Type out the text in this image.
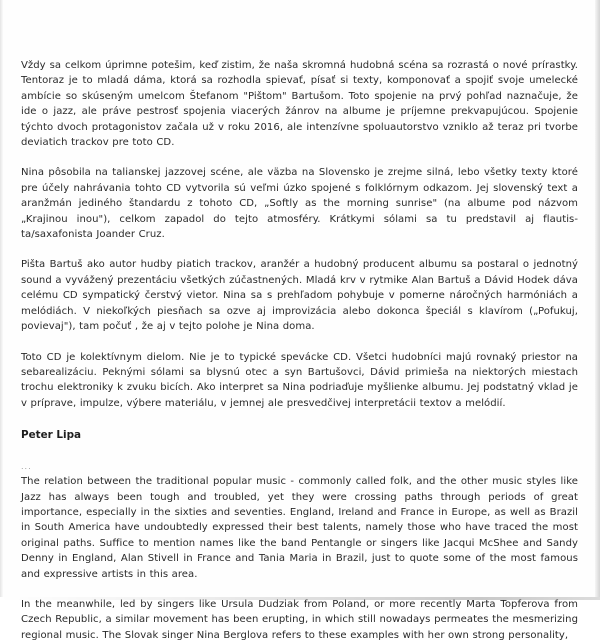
Vždy sa celkom úprimne potešim, keď zistim, že naša skromná hudobná scéna sa rozrastá o nové prírastky. Tentoraz je to mladá dáma, ktorá sa rozhodla spievať, písať si texty, komponovať a spojiť svoje umelecké ambície so skúseným umelcom Štefanom "Pištom" Bartušom. Toto spojenie na prvý pohľad naznačuje, že ide o jazz, ale práve pestrosť spojenia viacerých žánrov na albume je príjemne prekvapujúcou. Spojenie týchto dvoch protagonistov začala už v roku 2016, ale intenzívne spoluautorstvo vzniklo až teraz pri tvorbe deviatich trackov pre toto CD.

Nina pôsobila na talianskej jazzovej scéne, ale väzba na Slovensko je zrejme silná, lebo všetky texty ktoré pre účely nahrávania tohto CD vytvorila sú veľmi úzko spojené s folklórnym odkazom. Jej slovenský text a aranžmán jediného štandardu z tohoto CD, „Softly as the morning sunrise" (na albume pod názvom „Krajinou inou"), celkom zapadol do tejto atmosféry. Krátkymi sólami sa tu predstavil aj flautis-ta/saxafonista Joander Cruz.

Pišta Bartuš ako autor hudby piatich trackov, aranžér a hudobný producent albumu sa postaral o jednotný sound a vyvážený prezentáciu všetkých zúčastnených. Mladá krv v rytmike Alan Bartuš a Dávid Hodek dáva celému CD sympatický čerstvý vietor. Nina sa s prehľadom pohybuje v pomerne náročných harmóniách a melódiách. V niekoľkých piesňach sa ozve aj improvizácia alebo dokonca špeciál s klavírom („Pofukuj, povievaj"), tam počuť , že aj v tejto polohe je Nina doma.

Toto CD je kolektívnym dielom. Nie je to typické spevácke CD. Všetci hudobníci majú rovnaký priestor na sebarealizáciu. Peknými sólami sa blysnú otec a syn Bartušovci, Dávid primieša na niektorých miestach trochu elektroniky k zvuku bicích. Ako interpret sa Nina podriaďuje myšlienke albumu. Jej podstatný vklad je v príprave, impulze, výbere materiálu, v jemnej ale presvedčivej interpretácii textov a melódií.

Peter Lipa

...

The relation between the traditional popular music - commonly called folk, and the other music styles like Jazz has always been tough and troubled, yet they were crossing paths through periods of great importance, especially in the sixties and seventies. England, Ireland and France in Europe, as well as Brazil in South America have undoubtedly expressed their best talents, namely those who have traced the most original paths. Suffice to mention names like the band Pentangle or singers like Jacqui McShee and Sandy Denny in England, Alan Stivell in France and Tania Maria in Brazil, just to quote some of the most famous and expressive artists in this area.

In the meanwhile, led by singers like Ursula Dudziak from Poland, or more recently Marta Topferova from Czech Republic, a similar movement has been erupting, in which still nowadays permeates the mesmerizing regional music. The Slovak singer Nina Berglova refers to these examples with her own strong personality,
